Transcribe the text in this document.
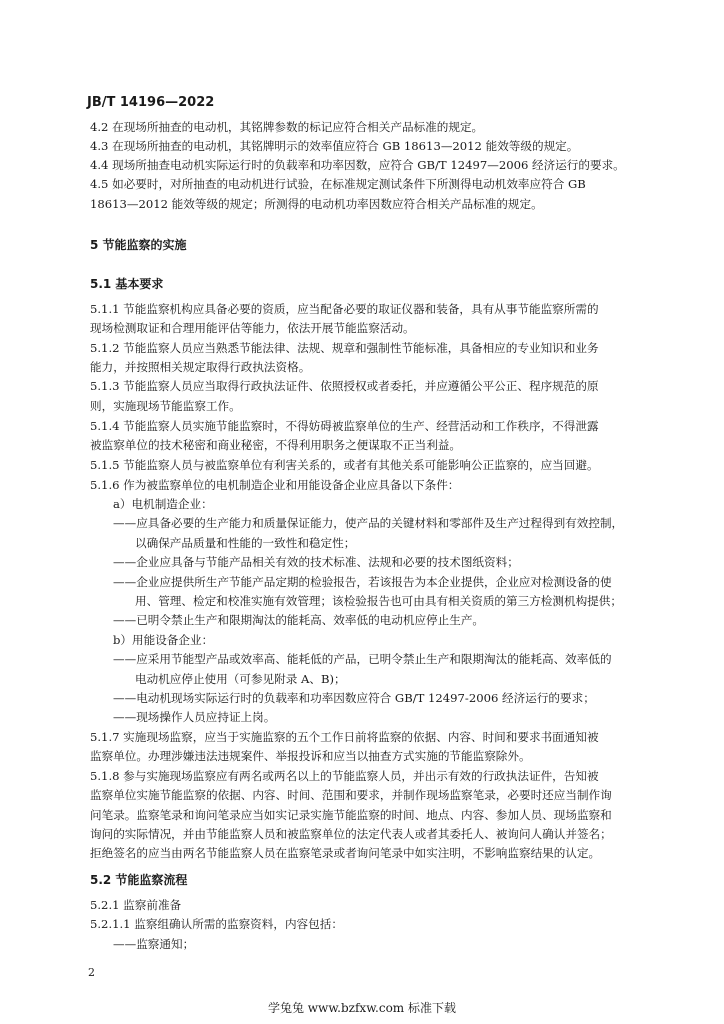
JB/T 14196—2022
4.2 在现场所抽查的电动机，其铭牌参数的标记应符合相关产品标准的规定。
4.3 在现场所抽查的电动机，其铭牌明示的效率值应符合 GB 18613—2012 能效等级的规定。
4.4 现场所抽查电动机实际运行时的负载率和功率因数，应符合 GB/T 12497—2006 经济运行的要求。
4.5 如必要时，对所抽查的电动机进行试验，在标准规定测试条件下所测得电动机效率应符合 GB
18613—2012 能效等级的规定；所测得的电动机功率因数应符合相关产品标准的规定。
5 节能监察的实施
5.1 基本要求
5.1.1 节能监察机构应具备必要的资质，应当配备必要的取证仪器和装备，具有从事节能监察所需的
现场检测取证和合理用能评估等能力，依法开展节能监察活动。
5.1.2 节能监察人员应当熟悉节能法律、法规、规章和强制性节能标准，具备相应的专业知识和业务
能力，并按照相关规定取得行政执法资格。
5.1.3 节能监察人员应当取得行政执法证件、依照授权或者委托，并应遵循公平公正、程序规范的原
则，实施现场节能监察工作。
5.1.4 节能监察人员实施节能监察时，不得妨碍被监察单位的生产、经营活动和工作秩序，不得泄露
被监察单位的技术秘密和商业秘密，不得利用职务之便谋取不正当利益。
5.1.5 节能监察人员与被监察单位有利害关系的，或者有其他关系可能影响公正监察的，应当回避。
5.1.6 作为被监察单位的电机制造企业和用能设备企业应具备以下条件：
a）电机制造企业：
——应具备必要的生产能力和质量保证能力，使产品的关键材料和零部件及生产过程得到有效控制，
以确保产品质量和性能的一致性和稳定性；
——企业应具备与节能产品相关有效的技术标准、法规和必要的技术图纸资料；
——企业应提供所生产节能产品定期的检验报告，若该报告为本企业提供，企业应对检测设备的使
用、管理、检定和校准实施有效管理；该检验报告也可由具有相关资质的第三方检测机构提供；
——已明令禁止生产和限期淘汰的能耗高、效率低的电动机应停止生产。
b）用能设备企业：
——应采用节能型产品或效率高、能耗低的产品，已明令禁止生产和限期淘汰的能耗高、效率低的
电动机应停止使用（可参见附录 A、B)；
——电动机现场实际运行时的负载率和功率因数应符合 GB/T 12497-2006 经济运行的要求；
——现场操作人员应持证上岗。
5.1.7 实施现场监察，应当于实施监察的五个工作日前将监察的依据、内容、时间和要求书面通知被
监察单位。办理涉嫌违法违规案件、举报投诉和应当以抽查方式实施的节能监察除外。
5.1.8 参与实施现场监察应有两名或两名以上的节能监察人员，并出示有效的行政执法证件，告知被
监察单位实施节能监察的依据、内容、时间、范围和要求，并制作现场监察笔录，必要时还应当制作询
问笔录。监察笔录和询问笔录应当如实记录实施节能监察的时间、地点、内容、参加人员、现场监察和
询问的实际情况，并由节能监察人员和被监察单位的法定代表人或者其委托人、被询问人确认并签名；
拒绝签名的应当由两名节能监察人员在监察笔录或者询问笔录中如实注明，不影响监察结果的认定。
5.2 节能监察流程
5.2.1 监察前准备
5.2.1.1 监察组确认所需的监察资料，内容包括：
——监察通知；
2
学兔兔 www.bzfxw.com 标准下载
